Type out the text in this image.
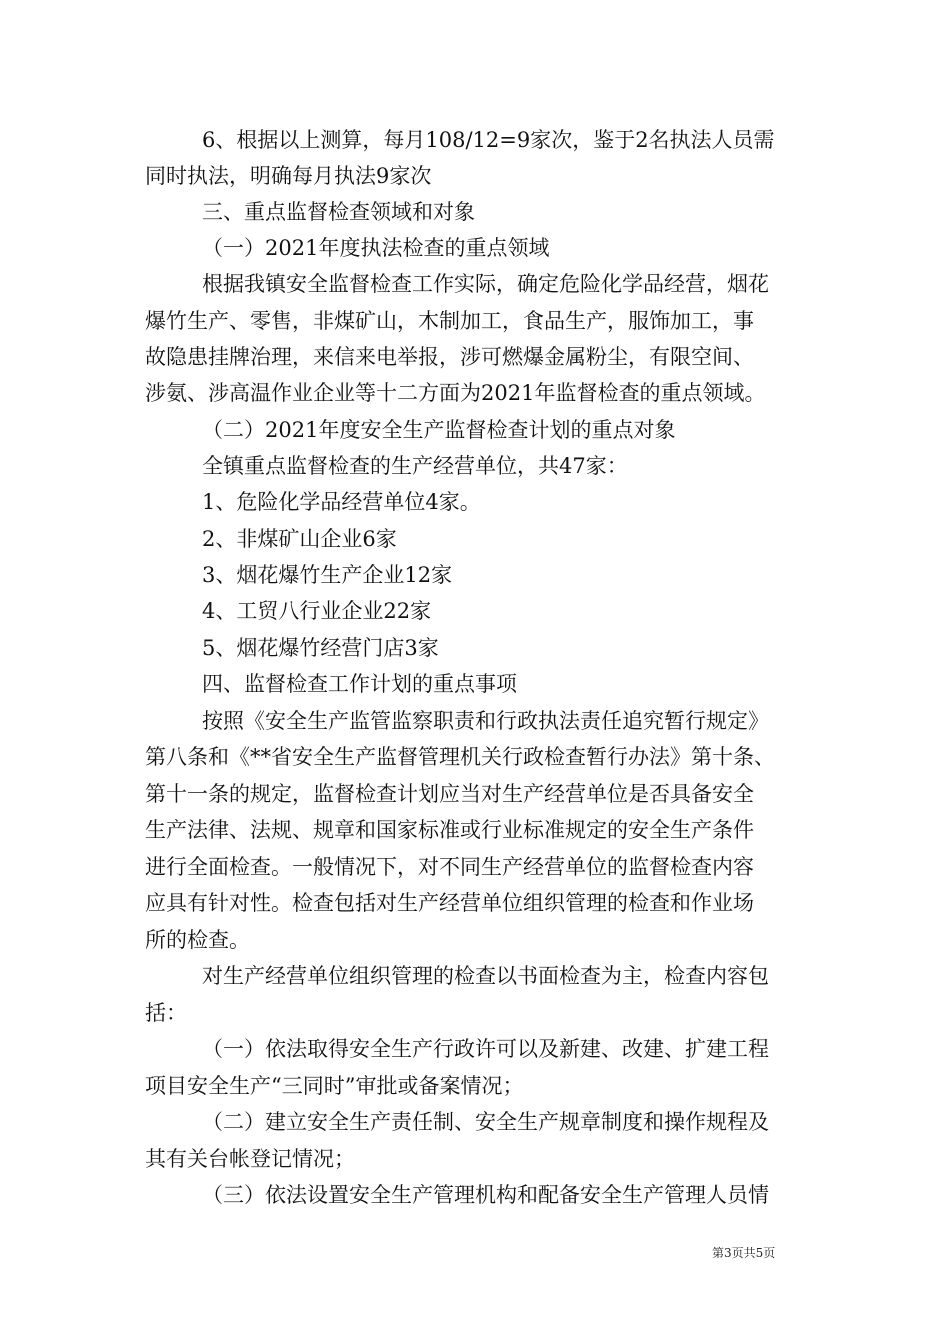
6、根据以上测算，每月108/12=9家次，鉴于2名执法人员需
同时执法，明确每月执法9家次
三、重点监督检查领域和对象
（一）2021年度执法检查的重点领域
根据我镇安全监督检查工作实际，确定危险化学品经营，烟花
爆竹生产、零售，非煤矿山，木制加工，食品生产，服饰加工，事
故隐患挂牌治理，来信来电举报，涉可燃爆金属粉尘，有限空间、
涉氨、涉高温作业企业等十二方面为2021年监督检查的重点领域。
（二）2021年度安全生产监督检查计划的重点对象
全镇重点监督检查的生产经营单位，共47家：
1、危险化学品经营单位4家。
2、非煤矿山企业6家
3、烟花爆竹生产企业12家
4、工贸八行业企业22家
5、烟花爆竹经营门店3家
四、监督检查工作计划的重点事项
按照《安全生产监管监察职责和行政执法责任追究暂行规定》
第八条和《**省安全生产监督管理机关行政检查暂行办法》第十条、
第十一条的规定，监督检查计划应当对生产经营单位是否具备安全
生产法律、法规、规章和国家标准或行业标准规定的安全生产条件
进行全面检查。一般情况下，对不同生产经营单位的监督检查内容
应具有针对性。检查包括对生产经营单位组织管理的检查和作业场
所的检查。
对生产经营单位组织管理的检查以书面检查为主，检查内容包
括：
（一）依法取得安全生产行政许可以及新建、改建、扩建工程
项目安全生产“三同时”审批或备案情况；
（二）建立安全生产责任制、安全生产规章制度和操作规程及
其有关台帐登记情况；
（三）依法设置安全生产管理机构和配备安全生产管理人员情
第3页共5页
